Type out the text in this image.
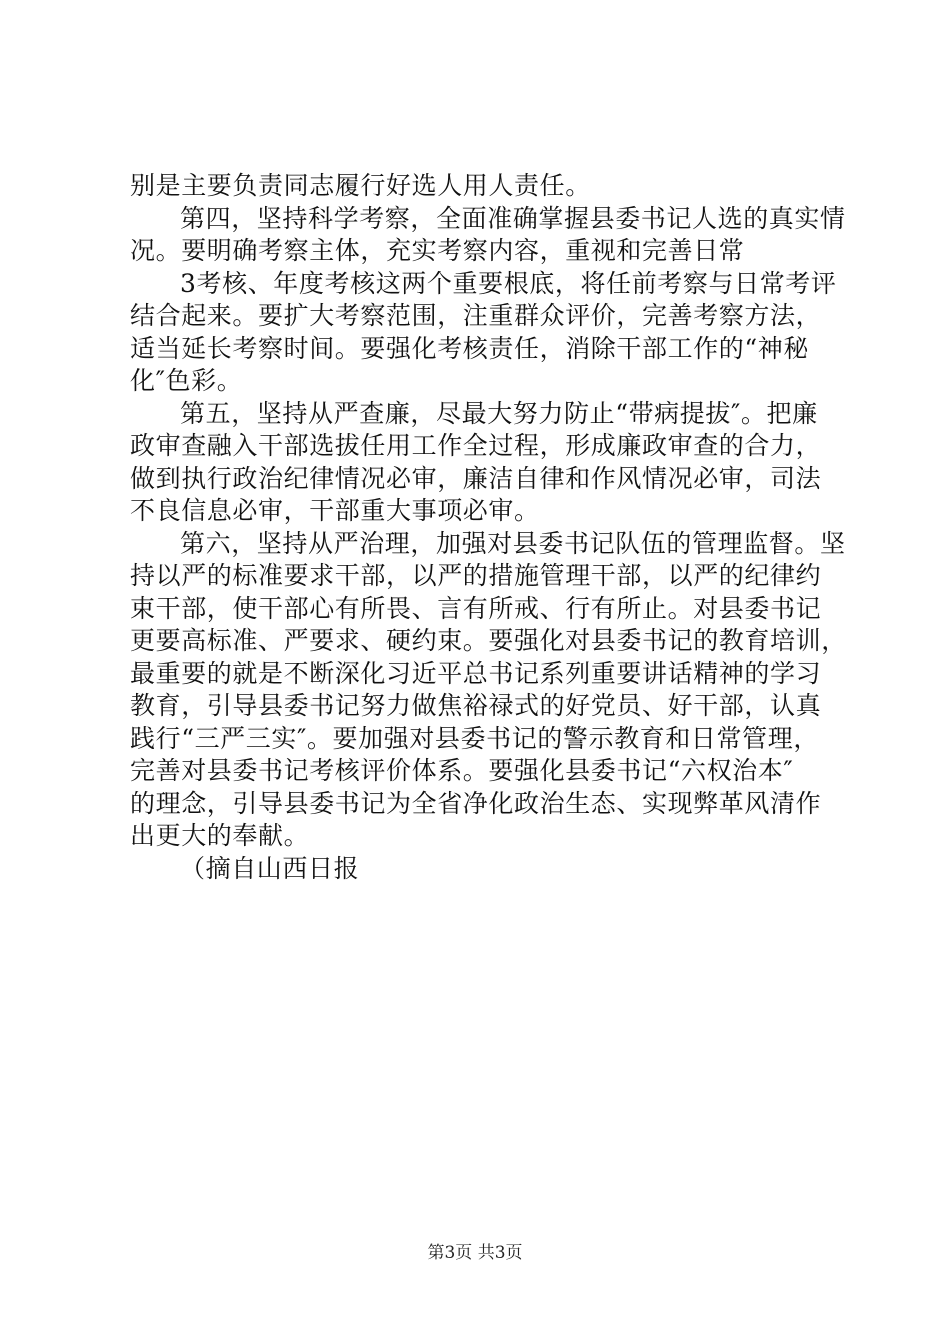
别是主要负责同志履行好选人用人责任。
第四，坚持科学考察，全面准确掌握县委书记人选的真实情
况。要明确考察主体，充实考察内容，重视和完善日常
3考核、年度考核这两个重要根底，将任前考察与日常考评
结合起来。要扩大考察范围，注重群众评价，完善考察方法，
适当延长考察时间。要强化考核责任，消除干部工作的“神秘
化″色彩。
第五，坚持从严查廉，尽最大努力防止“带病提拔″。把廉
政审查融入干部选拔任用工作全过程，形成廉政审查的合力，
做到执行政治纪律情况必审，廉洁自律和作风情况必审，司法
不良信息必审，干部重大事项必审。
第六，坚持从严治理，加强对县委书记队伍的管理监督。坚
持以严的标准要求干部，以严的措施管理干部，以严的纪律约
束干部，使干部心有所畏、言有所戒、行有所止。对县委书记
更要高标准、严要求、硬约束。要强化对县委书记的教育培训，
最重要的就是不断深化习近平总书记系列重要讲话精神的学习
教育，引导县委书记努力做焦裕禄式的好党员、好干部，认真
践行“三严三实″。要加强对县委书记的警示教育和日常管理，
完善对县委书记考核评价体系。要强化县委书记“六权治本″
的理念，引导县委书记为全省净化政治生态、实现弊革风清作
出更大的奉献。
（摘自山西日报
第3页 共3页
